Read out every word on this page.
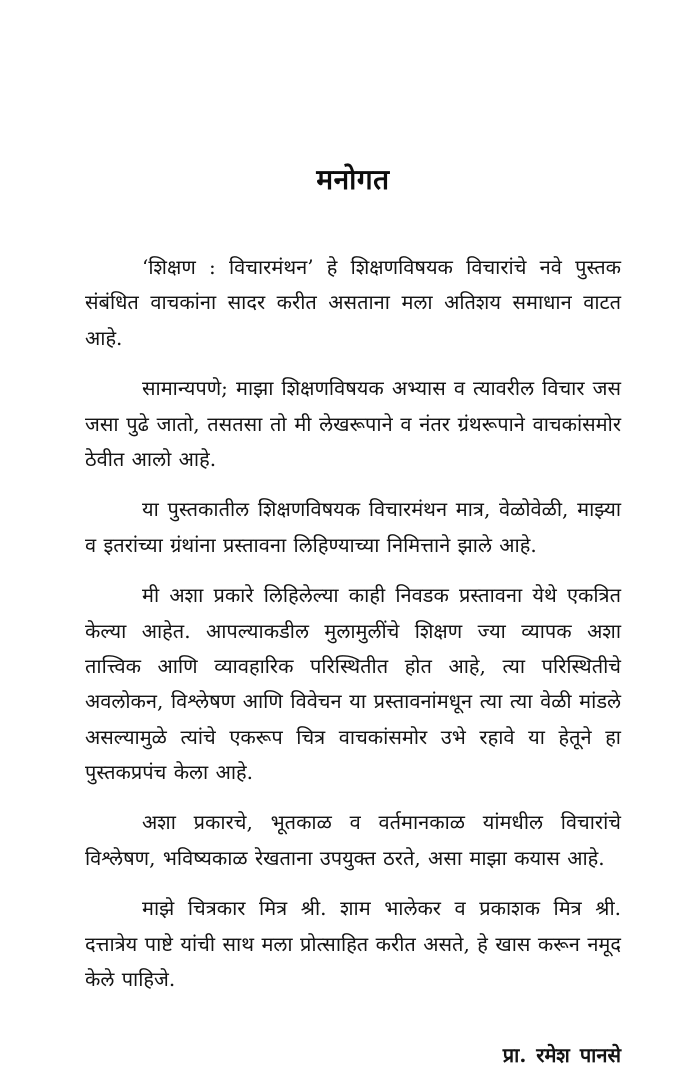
मनोगत

‘शिक्षण : विचारमंथन’ हे शिक्षणविषयक विचारांचे नवे पुस्तक संबंधित वाचकांना सादर करीत असताना मला अतिशय समाधान वाटत आहे.

सामान्यपणे; माझा शिक्षणविषयक अभ्यास व त्यावरील विचार जस जसा पुढे जातो, तसतसा तो मी लेखरूपाने व नंतर ग्रंथरूपाने वाचकांसमोर ठेवीत आलो आहे.

या पुस्तकातील शिक्षणविषयक विचारमंथन मात्र, वेळोवेळी, माझ्या व इतरांच्या ग्रंथांना प्रस्तावना लिहिण्याच्या निमित्ताने झाले आहे.

मी अशा प्रकारे लिहिलेल्या काही निवडक प्रस्तावना येथे एकत्रित केल्या आहेत. आपल्याकडील मुलामुलींचे शिक्षण ज्या व्यापक अशा तात्त्विक आणि व्यावहारिक परिस्थितीत होत आहे, त्या परिस्थितीचे अवलोकन, विश्लेषण आणि विवेचन या प्रस्तावनांमधून त्या त्या वेळी मांडले असल्यामुळे त्यांचे एकरूप चित्र वाचकांसमोर उभे रहावे या हेतूने हा पुस्तकप्रपंच केला आहे.

अशा प्रकारचे, भूतकाळ व वर्तमानकाळ यांमधील विचारांचे विश्लेषण, भविष्यकाळ रेखताना उपयुक्त ठरते, असा माझा कयास आहे.

माझे चित्रकार मित्र श्री. शाम भालेकर व प्रकाशक मित्र श्री. दत्तात्रेय पाष्टे यांची साथ मला प्रोत्साहित करीत असते, हे खास करून नमूद केले पाहिजे.

प्रा. रमेश पानसे
